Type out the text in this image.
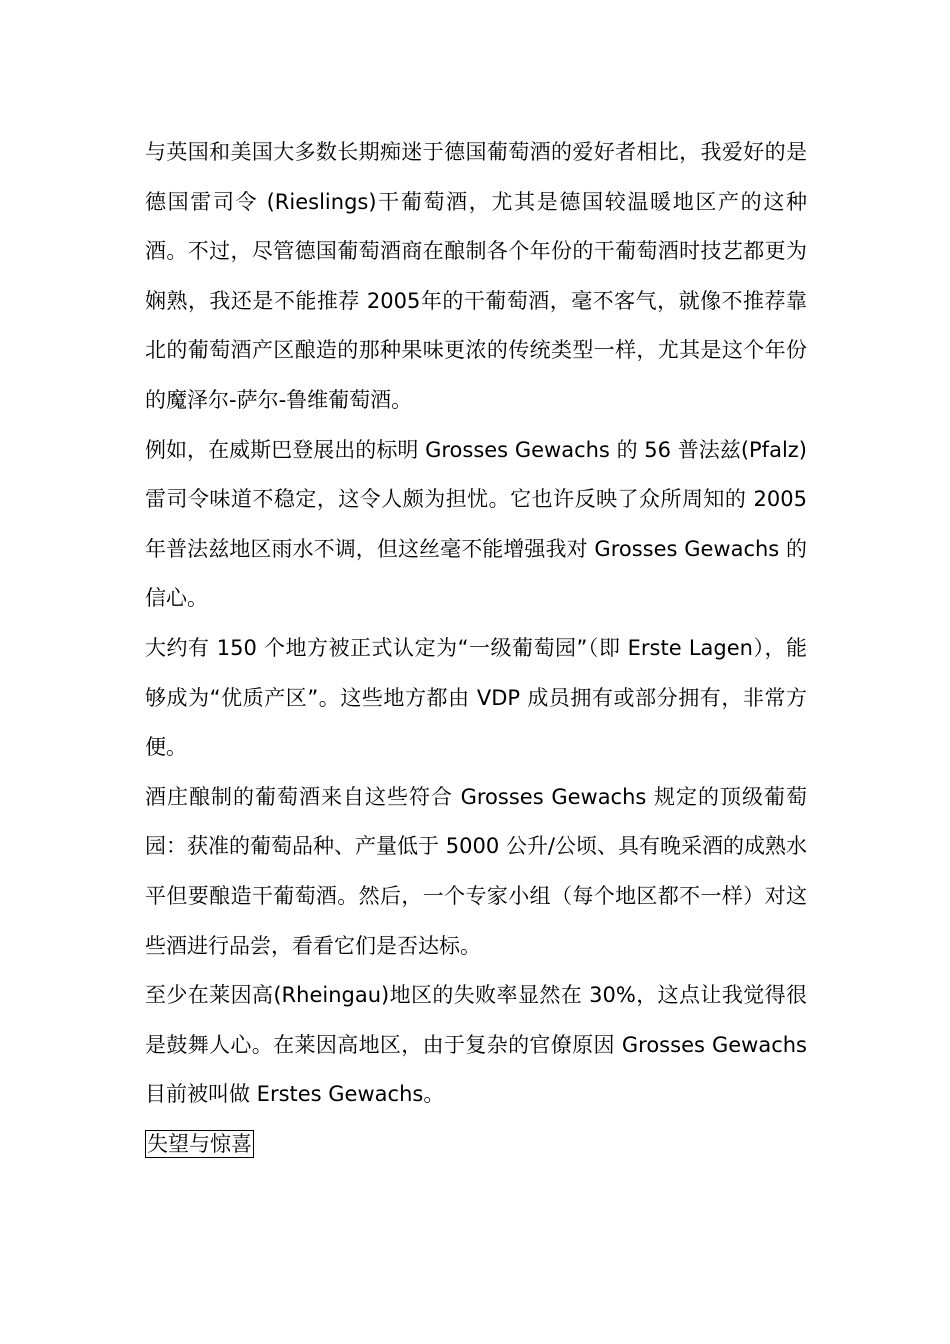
与英国和美国大多数长期痴迷于德国葡萄酒的爱好者相比，我爱好的是德国雷司令 (Rieslings)干葡萄酒，尤其是德国较温暖地区产的这种酒。不过，尽管德国葡萄酒商在酿制各个年份的干葡萄酒时技艺都更为娴熟，我还是不能推荐 2005年的干葡萄酒，毫不客气，就像不推荐靠北的葡萄酒产区酿造的那种果味更浓的传统类型一样，尤其是这个年份的魔泽尔-萨尔-鲁维葡萄酒。

例如，在威斯巴登展出的标明 Grosses Gewachs 的 56 普法兹(Pfalz)雷司令味道不稳定，这令人颇为担忧。它也许反映了众所周知的 2005 年普法兹地区雨水不调，但这丝毫不能增强我对 Grosses Gewachs 的信心。

大约有 150 个地方被正式认定为“一级葡萄园”（即 Erste Lagen），能够成为“优质产区”。这些地方都由 VDP 成员拥有或部分拥有，非常方便。

酒庄酿制的葡萄酒来自这些符合 Grosses Gewachs 规定的顶级葡萄园：获准的葡萄品种、产量低于 5000 公升/公顷、具有晚采酒的成熟水平但要酿造干葡萄酒。然后，一个专家小组（每个地区都不一样）对这些酒进行品尝，看看它们是否达标。

至少在莱因高(Rheingau)地区的失败率显然在 30%，这点让我觉得很是鼓舞人心。在莱因高地区，由于复杂的官僚原因 Grosses Gewachs 目前被叫做 Erstes Gewachs。

失望与惊喜
